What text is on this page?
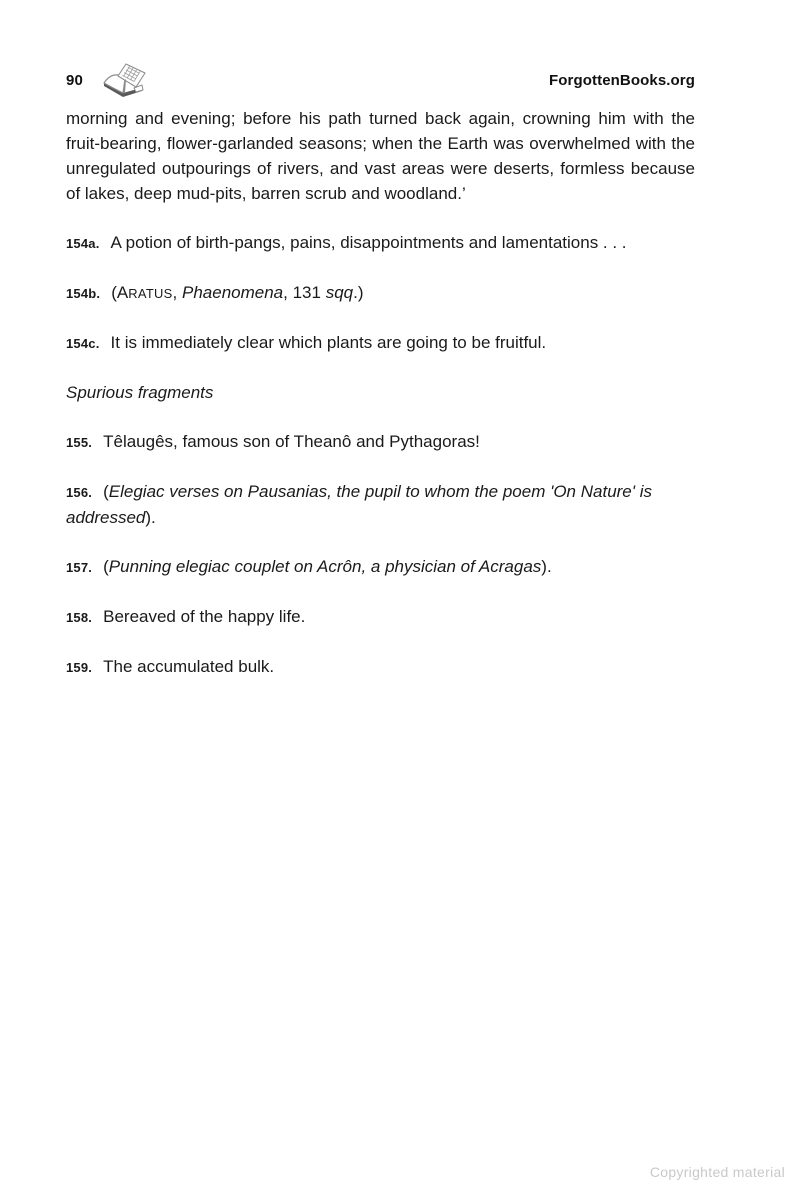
90	ForgottenBooks.org

morning and evening; before his path turned back again, crowning him with the fruit-bearing, flower-garlanded seasons; when the Earth was overwhelmed with the unregulated outpourings of rivers, and vast areas were deserts, formless because of lakes, deep mud-pits, barren scrub and woodland.’

154a. A potion of birth-pangs, pains, disappointments and lamentations . . .
154b. (ARATUS, Phaenomena, 131 sqq.)
154c. It is immediately clear which plants are going to be fruitful.
Spurious fragments
155. Têlaugês, famous son of Theanô and Pythagoras!
156. (Elegiac verses on Pausanias, the pupil to whom the poem 'On Nature' is addressed).
157. (Punning elegiac couplet on Acrôn, a physician of Acragas).
158. Bereaved of the happy life.
159. The accumulated bulk.
Copyrighted material
